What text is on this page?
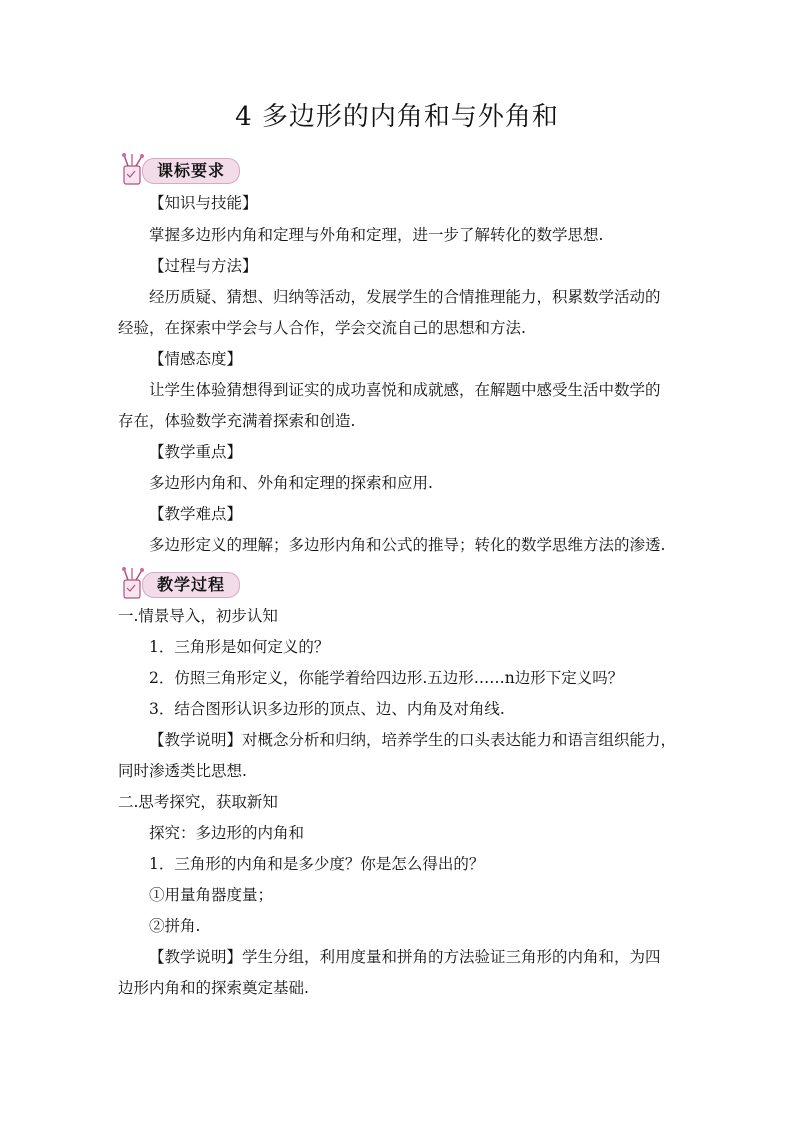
4 多边形的内角和与外角和
课标要求
【知识与技能】
掌握多边形内角和定理与外角和定理，进一步了解转化的数学思想.
【过程与方法】
经历质疑、猜想、归纳等活动，发展学生的合情推理能力，积累数学活动的
经验，在探索中学会与人合作，学会交流自己的思想和方法.
【情感态度】
让学生体验猜想得到证实的成功喜悦和成就感，在解题中感受生活中数学的
存在，体验数学充满着探索和创造.
【教学重点】
多边形内角和、外角和定理的探索和应用.
【教学难点】
多边形定义的理解；多边形内角和公式的推导；转化的数学思维方法的渗透.
教学过程
一.情景导入，初步认知
1．三角形是如何定义的？
2．仿照三角形定义，你能学着给四边形.五边形……n边形下定义吗？
3．结合图形认识多边形的顶点、边、内角及对角线.
【教学说明】对概念分析和归纳，培养学生的口头表达能力和语言组织能力，
同时渗透类比思想.
二.思考探究，获取新知
探究：多边形的内角和
1．三角形的内角和是多少度？你是怎么得出的？
①用量角器度量；
②拼角.
【教学说明】学生分组，利用度量和拼角的方法验证三角形的内角和，为四
边形内角和的探索奠定基础.
